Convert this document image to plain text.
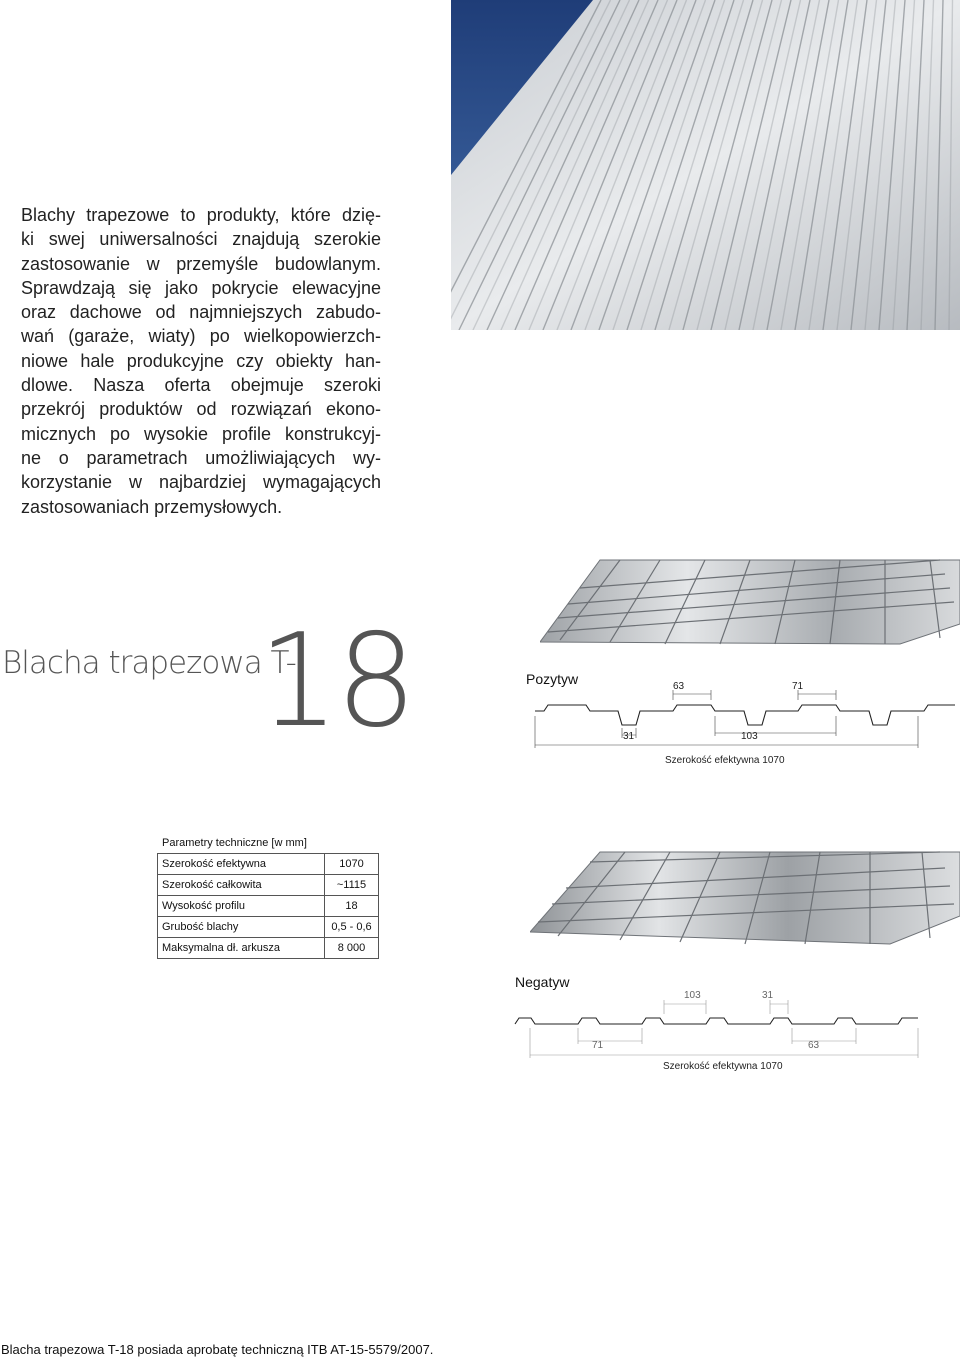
Blachy trapezowe to produkty, które dzię-
ki swej uniwersalności znajdują szerokie
zastosowanie w przemyśle budowlanym.
Sprawdzają się jako pokrycie elewacyjne
oraz dachowe od najmniejszych zabudo-
wań (garaże, wiaty) po wielkopowierzch-
niowe hale produkcyjne czy obiekty han-
dlowe. Nasza oferta obejmuje szeroki
przekrój produktów od rozwiązań ekono-
micznych po wysokie profile konstrukcyj-
ne o parametrach umożliwiających wy-
korzystanie w najbardziej wymagających
zastosowaniach przemysłowych.
Blacha trapezowa T-
18	Pozytyw	63	71
31	103
Szerokość efektywna 1070
Parametry techniczne [w mm]
Szerokość efektywna	1070
Szerokość całkowita	~1115
Wysokość profilu	18
Grubość blachy	0,5 - 0,6
Maksymalna dł. arkusza	8 000
Negatyw
103	31
71	63
Szerokość efektywna 1070
Blacha trapezowa T-18 posiada aprobatę techniczną ITB AT-15-5579/2007.
